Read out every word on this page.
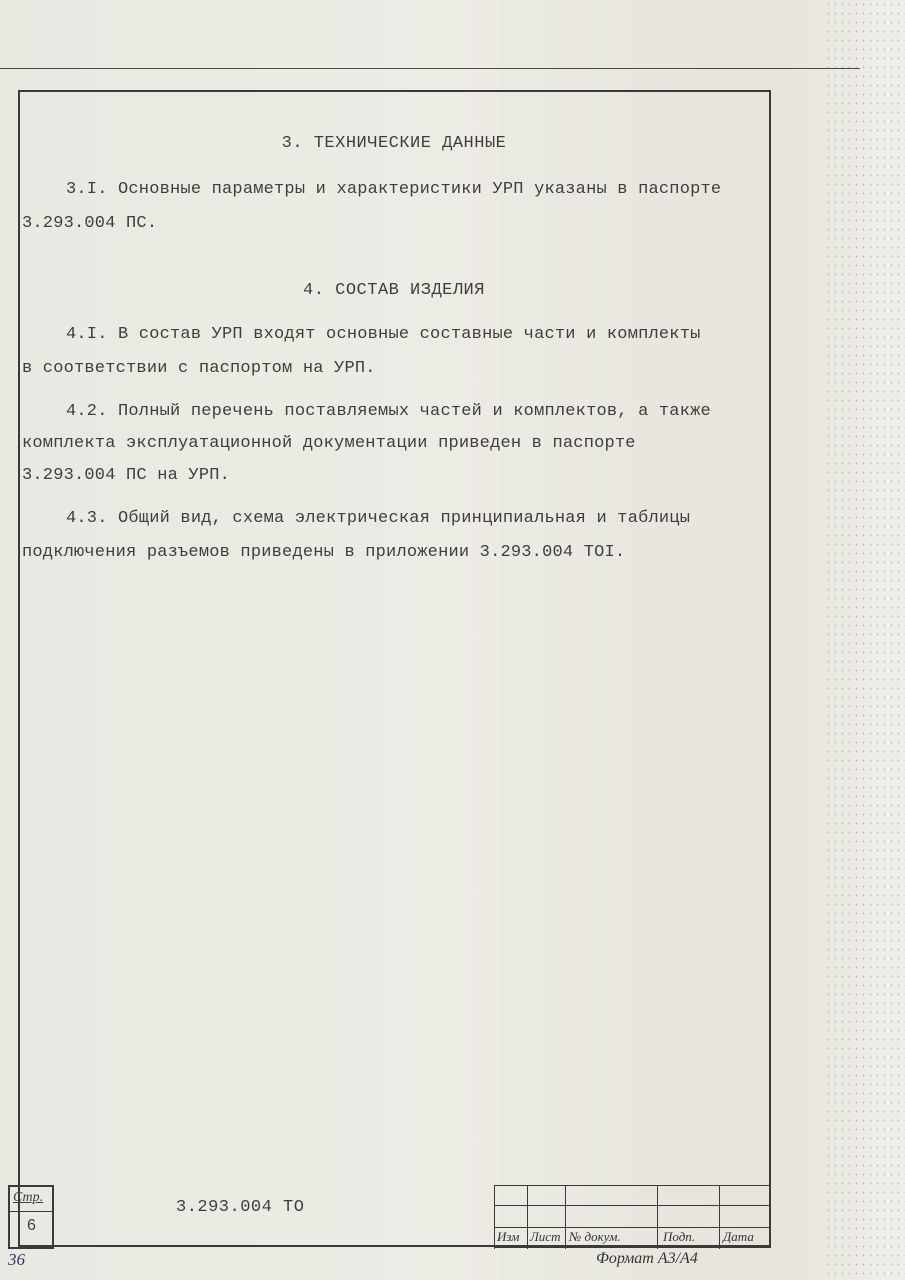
3. ТЕХНИЧЕСКИЕ ДАННЫЕ

3.I. Основные параметры и характеристики УРП указаны в паспорте
3.293.004 ПС.

4. СОСТАВ ИЗДЕЛИЯ

4.I. В состав УРП входят основные составные части и комплекты
в соответствии с паспортом на УРП.

4.2. Полный перечень поставляемых частей и комплектов, а также
комплекта эксплуатационной документации приведен в паспорте
3.293.004 ПС на УРП.

4.3. Общий вид, схема электрическая принципиальная и таблицы
подключения разъемов приведены в приложении 3.293.004 ТОI.

Стр.
6
3.293.004 ТО
Изм Лист № докум.	Подп. Дата
36	Формат А3/А4
